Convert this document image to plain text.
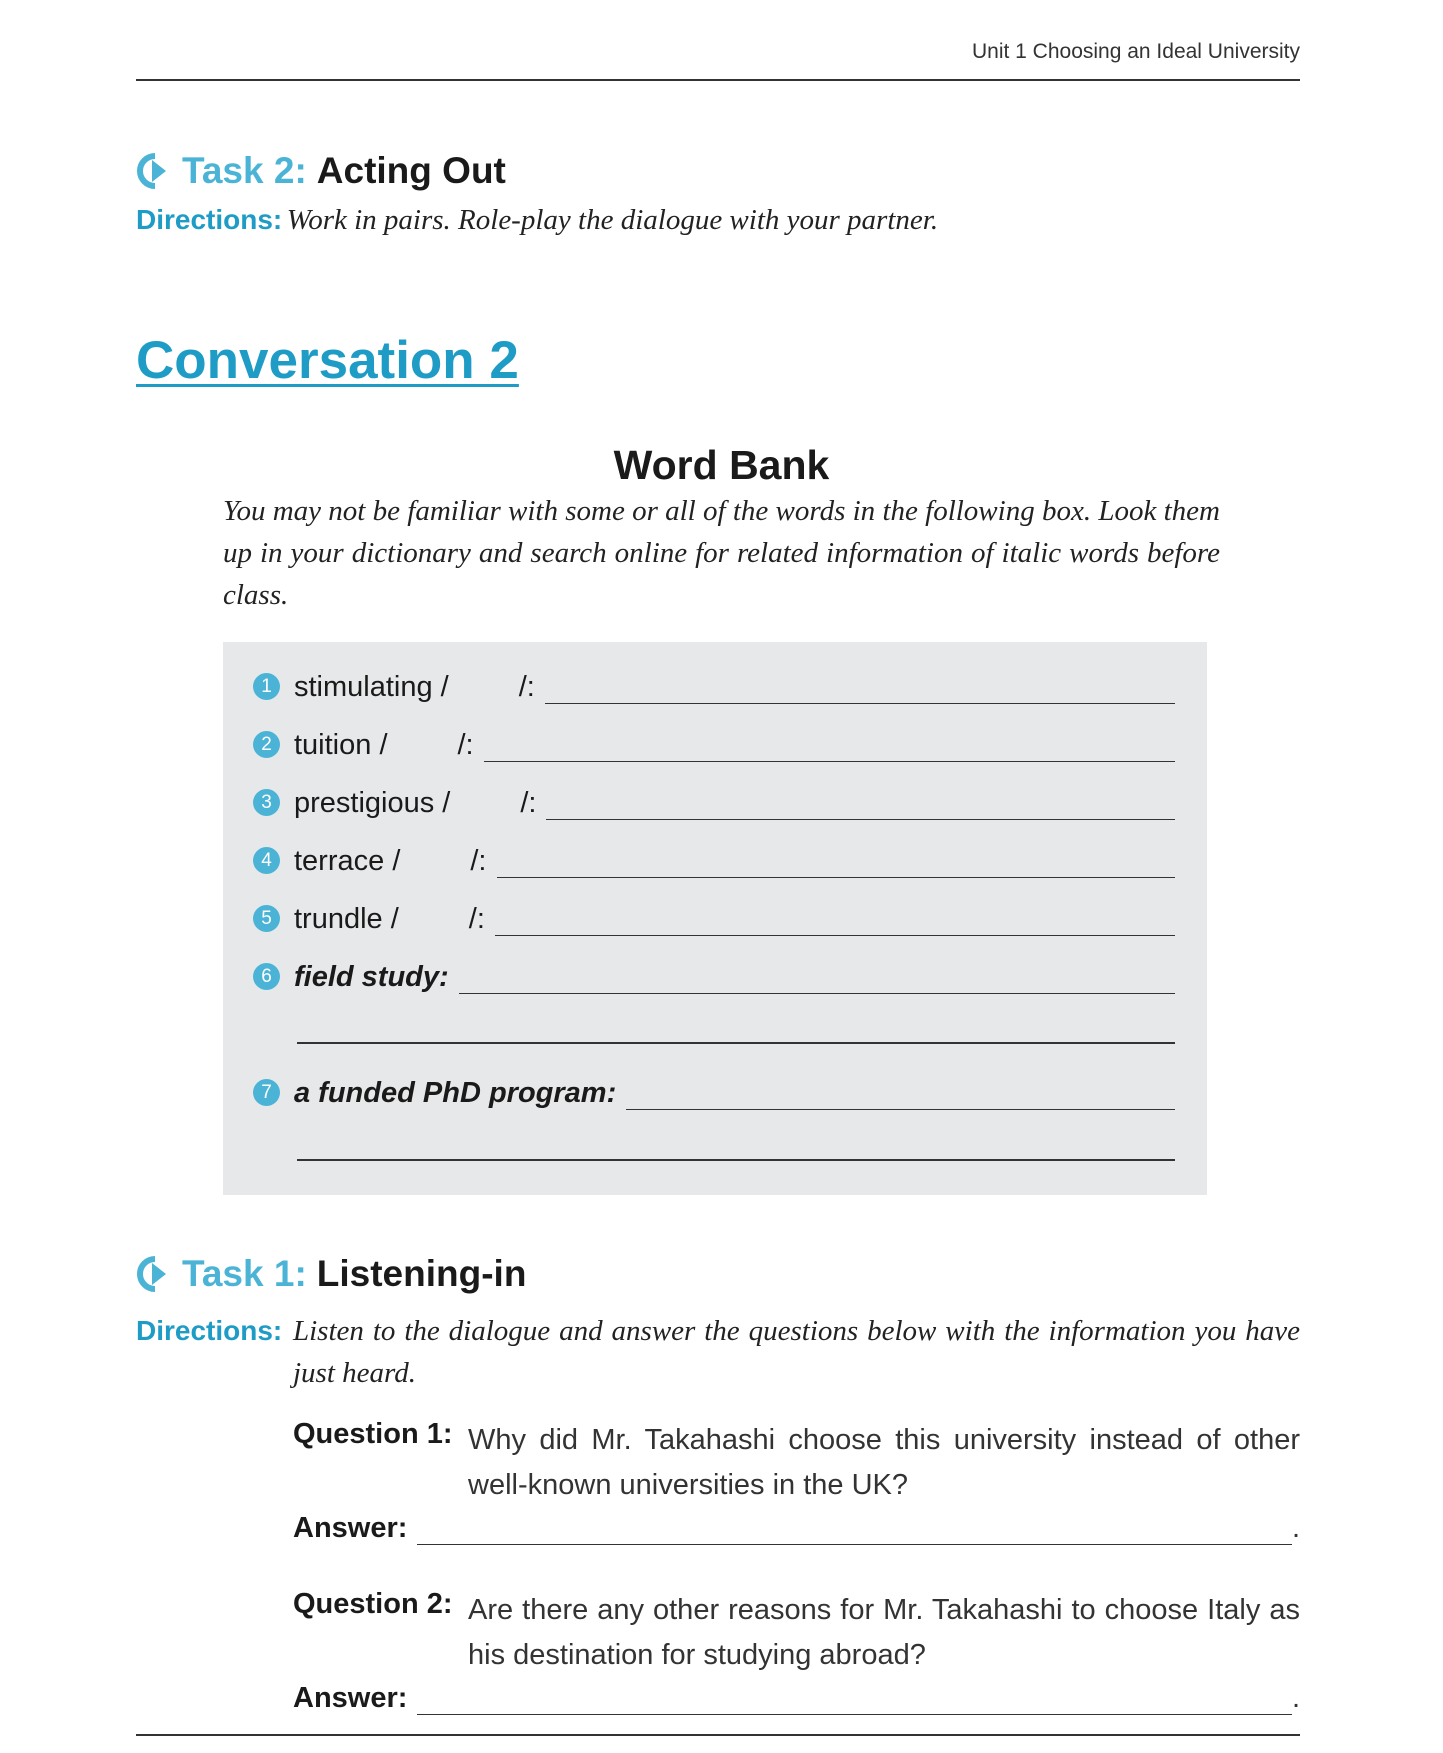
Unit 1 Choosing an Ideal University
Task 2: Acting Out
Directions: Work in pairs. Role-play the dialogue with your partner.
Conversation 2
Word Bank
You may not be familiar with some or all of the words in the following box. Look them up in your dictionary and search online for related information of italic words before class.
1 stimulating / /:
2 tuition / /:
3 prestigious / /:
4 terrace / /:
5 trundle / /:
6 field study:
7 a funded PhD program:
Task 1: Listening-in
Directions: Listen to the dialogue and answer the questions below with the information you have just heard.
Question 1: Why did Mr. Takahashi choose this university instead of other well-known universities in the UK?
Answer:	.
Question 2: Are there any other reasons for Mr. Takahashi to choose Italy as his destination for studying abroad?
Answer:	.
